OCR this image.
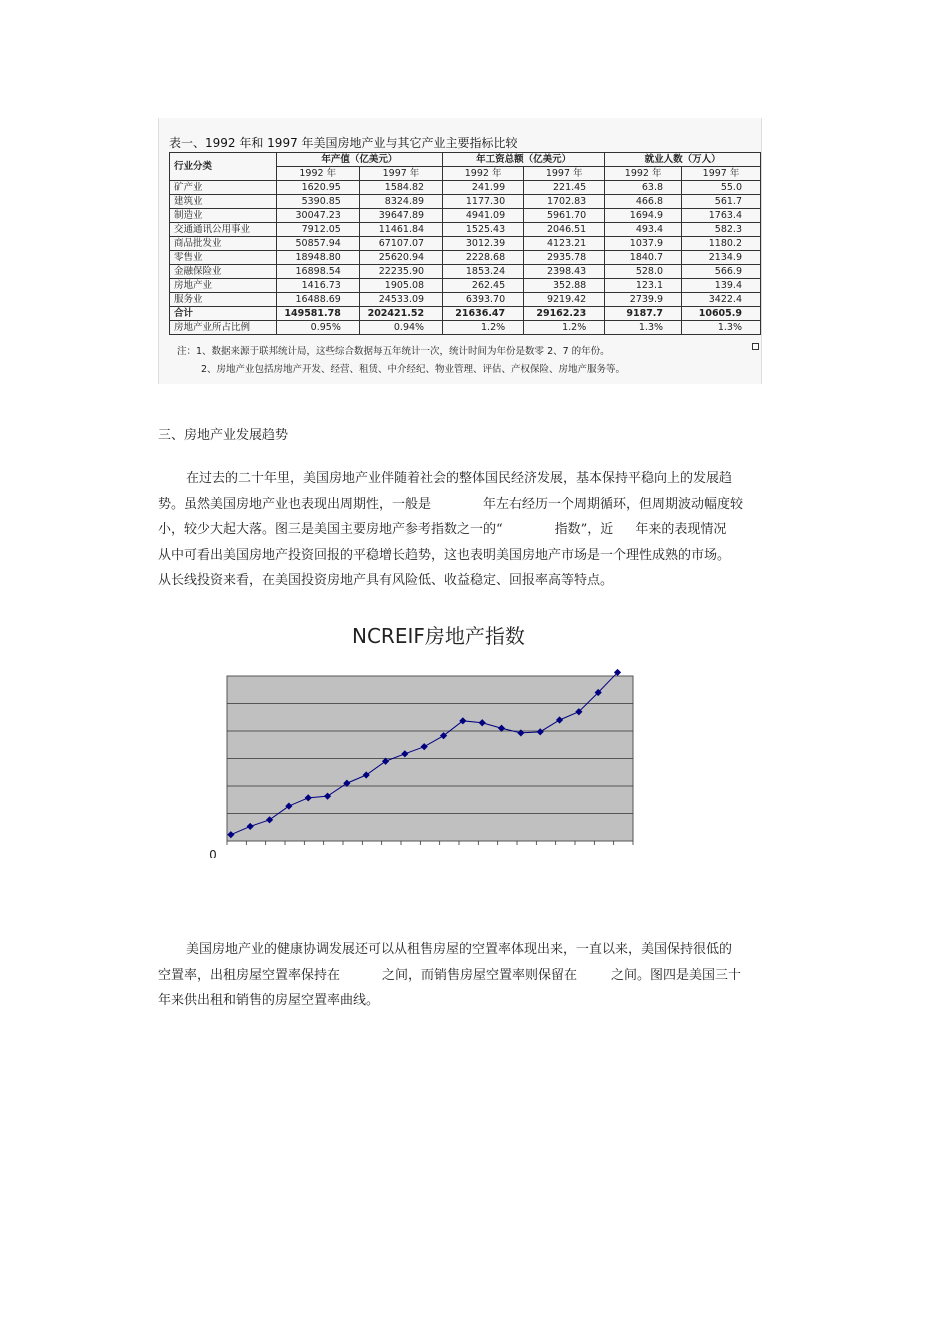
表一、1992 年和 1997 年美国房地产业与其它产业主要指标比较
行业分类	年产值（亿美元）		年工资总额（亿美元）		就业人数（万人）	
	1992 年	1997 年	1992 年	1997 年	1992 年	1997 年
矿产业	1620.95	1584.82	241.99	221.45	63.8	55.0
建筑业	5390.85	8324.89	1177.30	1702.83	466.8	561.7
制造业	30047.23	39647.89	4941.09	5961.70	1694.9	1763.4
交通通讯公用事业	7912.05	11461.84	1525.43	2046.51	493.4	582.3
商品批发业	50857.94	67107.07	3012.39	4123.21	1037.9	1180.2
零售业	18948.80	25620.94	2228.68	2935.78	1840.7	2134.9
金融保险业	16898.54	22235.90	1853.24	2398.43	528.0	566.9
房地产业	1416.73	1905.08	262.45	352.88	123.1	139.4
服务业	16488.69	24533.09	6393.70	9219.42	2739.9	3422.4
合计	149581.78	202421.52	21636.47	29162.23	9187.7	10605.9
房地产业所占比例	0.95%	0.94%	1.2%	1.2%	1.3%	1.3%
注：1、数据来源于联邦统计局，这些综合数据每五年统计一次，统计时间为年份是数零 2、7 的年份。
2、房地产业包括房地产开发、经营、租赁、中介经纪、物业管理、评估、产权保险、房地产服务等。
三、房地产业发展趋势
在过去的二十年里，美国房地产业伴随着社会的整体国民经济发展，基本保持平稳向上的发展趋
势。虽然美国房地产业也表现出周期性，一般是	年左右经历一个周期循环，但周期波动幅度较
小，较少大起大落。图三是美国主要房地产参考指数之一的“	指数”，近 年来的表现情况
从中可看出美国房地产投资回报的平稳增长趋势，这也表明美国房地产市场是一个理性成熟的市场。
从长线投资来看，在美国投资房地产具有风险低、收益稳定、回报率高等特点。
NCREIF房地产指数
0
美国房地产业的健康协调发展还可以从租售房屋的空置率体现出来，一直以来，美国保持很低的
空置率，出租房屋空置率保持在	之间，而销售房屋空置率则保留在	之间。图四是美国三十
年来供出租和销售的房屋空置率曲线。
